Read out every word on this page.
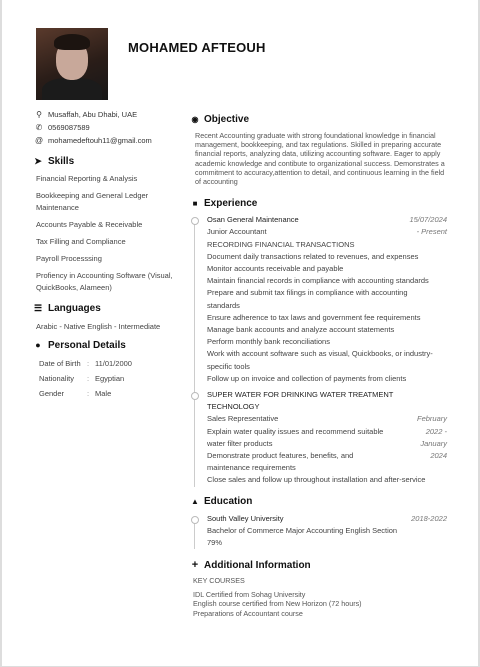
MOHAMED AFTEOUH
⚲ Musaffah, Abu Dhabi, UAE
✆ 0569087589
@ mohamedeftouh11@gmail.com
➤ Skills
Financial Reporting & Analysis
Bookkeeping and General Ledger Maintenance
Accounts Payable & Receivable
Tax Filling and Compliance
Payroll Processsing
Profiency in Accounting Software (Visual, QuickBooks, Alameen)
☰ Languages
Arabic - Native English - Intermediate
● Personal Details
Date of Birth : 11/01/2000
Nationality	: Egyptian
Gender	: Male
◉ Objective
Recent Accounting graduate with strong foundational knowledge in financial management, bookkeeping, and tax regulations. Skilled in preparing accurate financial reports, analyzing data, utilizing accounting software. Eager to apply academic knowledge and contibute to organizational success. Demonstrates a commitment to accuracy,attention to detail, and continuous learning in the field of accounting
■ Experience
Osan General Maintenance	15/07/2024
Junior Accountant	- Present
RECORDING FINANCIAL TRANSACTIONS
Document daily transactions related to revenues, and expenses
Monitor accounts receivable and payable
Maintain financial records in compliance with accounting standards
Prepare and submit tax filings in compliance with accounting
standards
Ensure adherence to tax laws and government fee requirements
Manage bank accounts and analyze account statements
Perform monthly bank reconciliations
Work with account software such as visual, Quickbooks, or industry-
specific tools
Follow up on invoice and collection of payments from clients
SUPER WATER FOR DRINKING WATER TREATMENT TECHNOLOGY
Sales Representative	February
Explain water quality issues and recommend suitable	2022 -
water filter products	January
Demonstrate product features, benefits, and	2024
maintenance requirements
Close sales and follow up throughout installation and after-service
▲ Education
South Valley University	2018-2022
Bachelor of Commerce Major Accounting English Section
79%
+ Additional Information
KEY COURSES
IDL Certified from Sohag University
English course certified from New Horizon (72 hours)
Preparations of Accountant course
